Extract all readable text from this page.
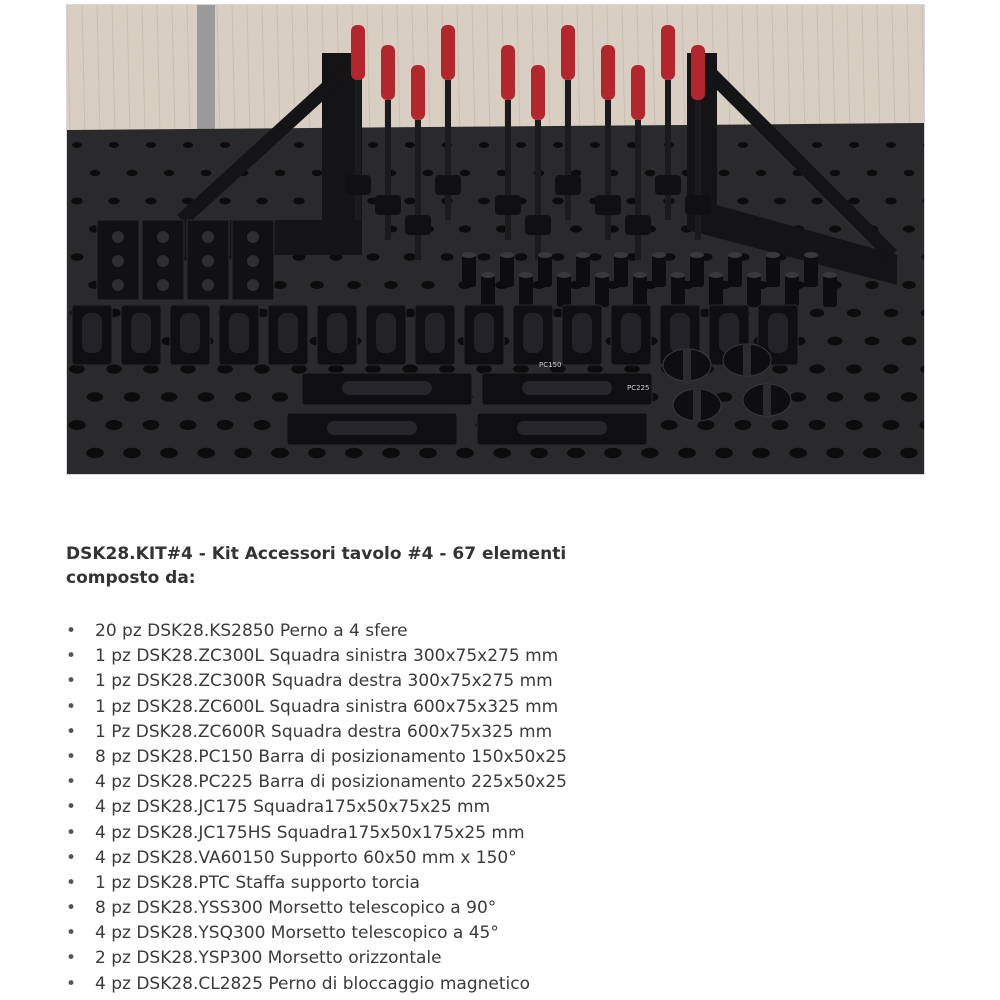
PC150
PC225
DSK28.KIT#4 - Kit Accessori tavolo #4 - 67 elementi
composto da:
• 20 pz DSK28.KS2850 Perno a 4 sfere
• 1 pz DSK28.ZC300L Squadra sinistra 300x75x275 mm
• 1 pz DSK28.ZC300R Squadra destra 300x75x275 mm
• 1 pz DSK28.ZC600L Squadra sinistra 600x75x325 mm
• 1 Pz DSK28.ZC600R Squadra destra 600x75x325 mm
• 8 pz DSK28.PC150 Barra di posizionamento 150x50x25
• 4 pz DSK28.PC225 Barra di posizionamento 225x50x25
• 4 pz DSK28.JC175 Squadra175x50x75x25 mm
• 4 pz DSK28.JC175HS Squadra175x50x175x25 mm
• 4 pz DSK28.VA60150 Supporto 60x50 mm x 150°
• 1 pz DSK28.PTC Staffa supporto torcia
• 8 pz DSK28.YSS300 Morsetto telescopico a 90°
• 4 pz DSK28.YSQ300 Morsetto telescopico a 45°
• 2 pz DSK28.YSP300 Morsetto orizzontale
• 4 pz DSK28.CL2825 Perno di bloccaggio magnetico
